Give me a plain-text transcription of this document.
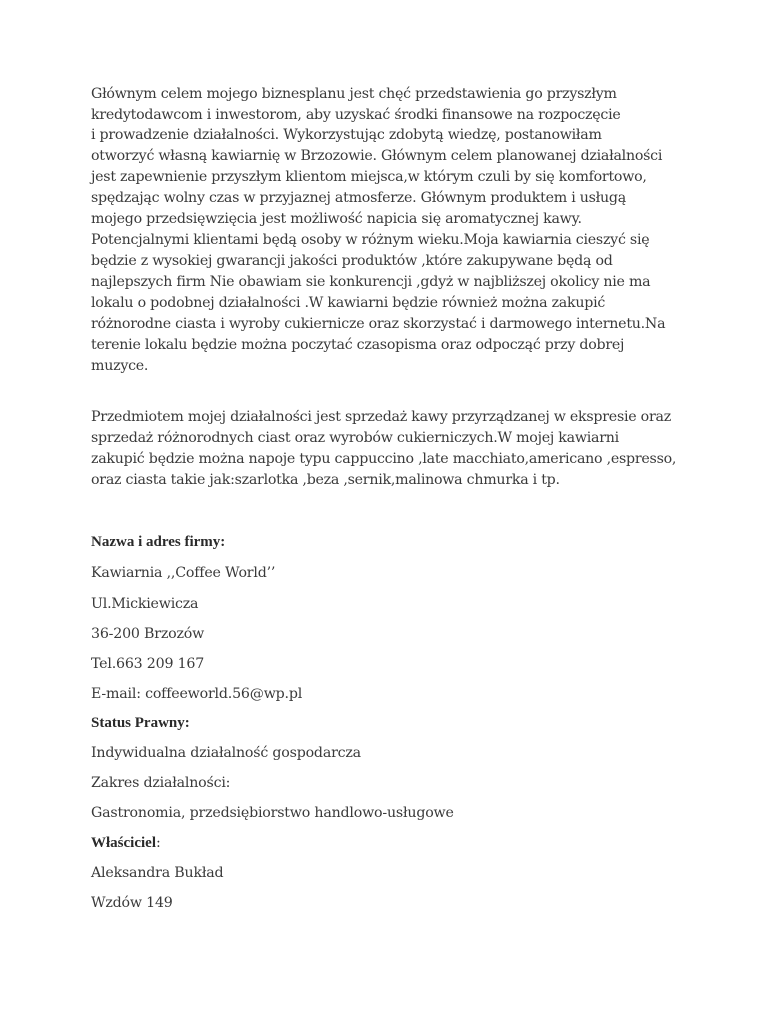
Głównym celem mojego biznesplanu jest chęć przedstawienia go przyszłym
kredytodawcom i inwestorom, aby uzyskać środki finansowe na rozpoczęcie
i prowadzenie działalności. Wykorzystując zdobytą wiedzę, postanowiłam
otworzyć własną kawiarnię w Brzozowie. Głównym celem planowanej działalności
jest zapewnienie przyszłym klientom miejsca,w którym czuli by się komfortowo,
spędzając wolny czas w przyjaznej atmosferze. Głównym produktem i usługą
mojego przedsięwzięcia jest możliwość napicia się aromatycznej kawy.
Potencjalnymi klientami będą osoby w różnym wieku.Moja kawiarnia cieszyć się
będzie z wysokiej gwarancji jakości produktów ,które zakupywane będą od
najlepszych firm Nie obawiam sie konkurencji ,gdyż w najbliższej okolicy nie ma
lokalu o podobnej działalności .W kawiarni będzie również można zakupić
różnorodne ciasta i wyroby cukiernicze oraz skorzystać i darmowego internetu.Na
terenie lokalu będzie można poczytać czasopisma oraz odpocząć przy dobrej
muzyce.
Przedmiotem mojej działalności jest sprzedaż kawy przyrządzanej w ekspresie oraz
sprzedaż różnorodnych ciast oraz wyrobów cukierniczych.W mojej kawiarni
zakupić będzie można napoje typu cappuccino ,late macchiato,americano ,espresso,
oraz ciasta takie jak:szarlotka ,beza ,sernik,malinowa chmurka i tp.
Nazwa i adres firmy:
Kawiarnia ,,Coffee World’’
Ul.Mickiewicza
36-200 Brzozów
Tel.663 209 167
E-mail: coffeeworld.56@wp.pl
Status Prawny:
Indywidualna działalność gospodarcza
Zakres działalności:
Gastronomia, przedsiębiorstwo handlowo-usługowe
Właściciel:
Aleksandra Bukład
Wzdów 149
